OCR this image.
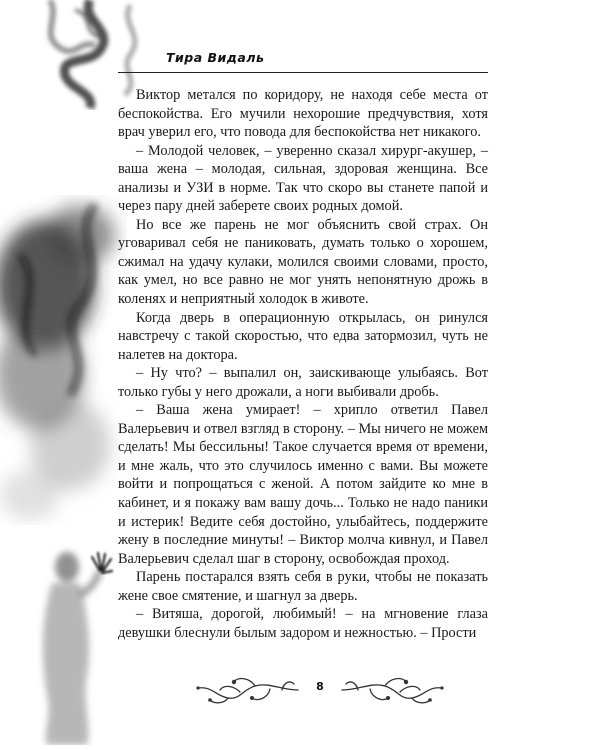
Тира Видаль

Виктор метался по коридору, не находя себе места от беспокойства. Его мучили нехорошие предчувствия, хотя врач уверил его, что повода для беспокойства нет никакого.

– Молодой человек, – уверенно сказал хирург-акушер, – ваша жена – молодая, сильная, здоровая женщина. Все анализы и УЗИ в норме. Так что скоро вы станете папой и через пару дней заберете своих родных домой.

Но все же парень не мог объяснить свой страх. Он уговаривал себя не паниковать, думать только о хорошем, сжимал на удачу кулаки, молился своими словами, просто, как умел, но все равно не мог унять непонятную дрожь в коленях и неприятный холодок в животе.

Когда дверь в операционную открылась, он ринулся навстречу с такой скоростью, что едва затормозил, чуть не налетев на доктора.

– Ну что? – выпалил он, заискивающе улыбаясь. Вот только губы у него дрожали, а ноги выбивали дробь.

– Ваша жена умирает! – хрипло ответил Павел Валерьевич и отвел взгляд в сторону. – Мы ничего не можем сделать! Мы бессильны! Такое случается время от времени, и мне жаль, что это случилось именно с вами. Вы можете войти и попрощаться с женой. А потом зайдите ко мне в кабинет, и я покажу вам вашу дочь... Только не надо паники и истерик! Ведите себя достойно, улыбайтесь, поддержите жену в последние минуты! – Виктор молча кивнул, и Павел Валерьевич сделал шаг в сторону, освобождая проход.

Парень постарался взять себя в руки, чтобы не показать жене свое смятение, и шагнул за дверь.

– Витяша, дорогой, любимый! – на мгновение глаза девушки блеснули былым задором и нежностью. – Прости

8
